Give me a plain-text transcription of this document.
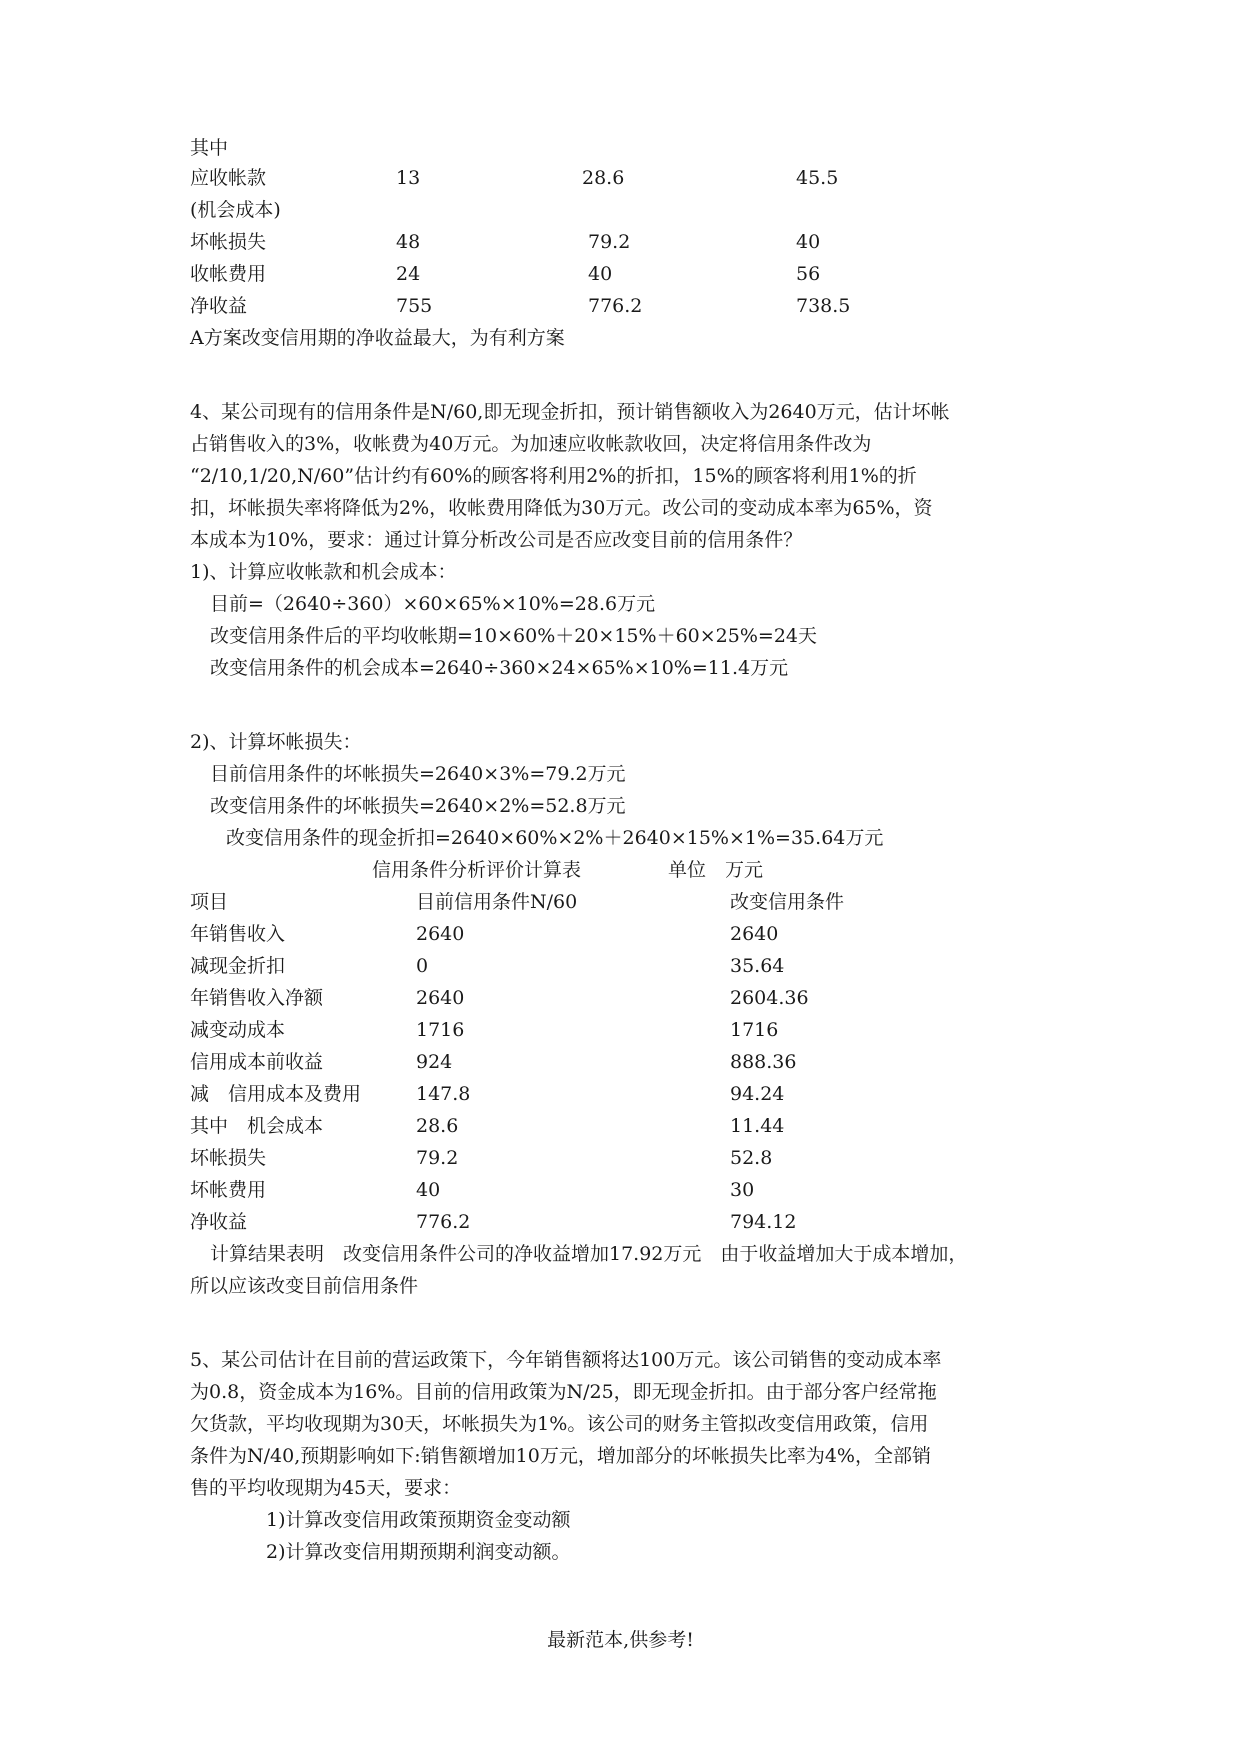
其中
应收帐款	13	28.6	45.5
(机会成本)
坏帐损失	48	79.2	40
收帐费用	24	40	56
净收益	755	776.2	738.5
A方案改变信用期的净收益最大，为有利方案
4、某公司现有的信用条件是N/60,即无现金折扣，预计销售额收入为2640万元，估计坏帐
占销售收入的3%，收帐费为40万元。为加速应收帐款收回，决定将信用条件改为
“2/10,1/20,N/60”估计约有60%的顾客将利用2%的折扣，15%的顾客将利用1%的折
扣，坏帐损失率将降低为2%，收帐费用降低为30万元。改公司的变动成本率为65%，资
本成本为10%，要求：通过计算分析改公司是否应改变目前的信用条件？
1)、计算应收帐款和机会成本：
目前=（2640÷360）×60×65%×10%=28.6万元
改变信用条件后的平均收帐期=10×60%＋20×15%＋60×25%=24天
改变信用条件的机会成本=2640÷360×24×65%×10%=11.4万元
2)、计算坏帐损失：
目前信用条件的坏帐损失=2640×3%=79.2万元
改变信用条件的坏帐损失=2640×2%=52.8万元
改变信用条件的现金折扣=2640×60%×2%＋2640×15%×1%=35.64万元
信用条件分析评价计算表	单位　万元
项目	目前信用条件N/60	改变信用条件
年销售收入	2640	2640
减现金折扣	0	35.64
年销售收入净额	2640	2604.36
减变动成本	1716	1716
信用成本前收益	924	888.36
减　信用成本及费用	147.8	94.24
其中　机会成本	28.6	11.44
坏帐损失	79.2	52.8
坏帐费用	40	30
净收益	776.2	794.12
计算结果表明　改变信用条件公司的净收益增加17.92万元　由于收益增加大于成本增加，
所以应该改变目前信用条件
5、某公司估计在目前的营运政策下，今年销售额将达100万元。该公司销售的变动成本率
为0.8，资金成本为16%。目前的信用政策为N/25，即无现金折扣。由于部分客户经常拖
欠货款，平均收现期为30天，坏帐损失为1%。该公司的财务主管拟改变信用政策，信用
条件为N/40,预期影响如下:销售额增加10万元，增加部分的坏帐损失比率为4%，全部销
售的平均收现期为45天，要求：
1)计算改变信用政策预期资金变动额
2)计算改变信用期预期利润变动额。
最新范本,供参考!
